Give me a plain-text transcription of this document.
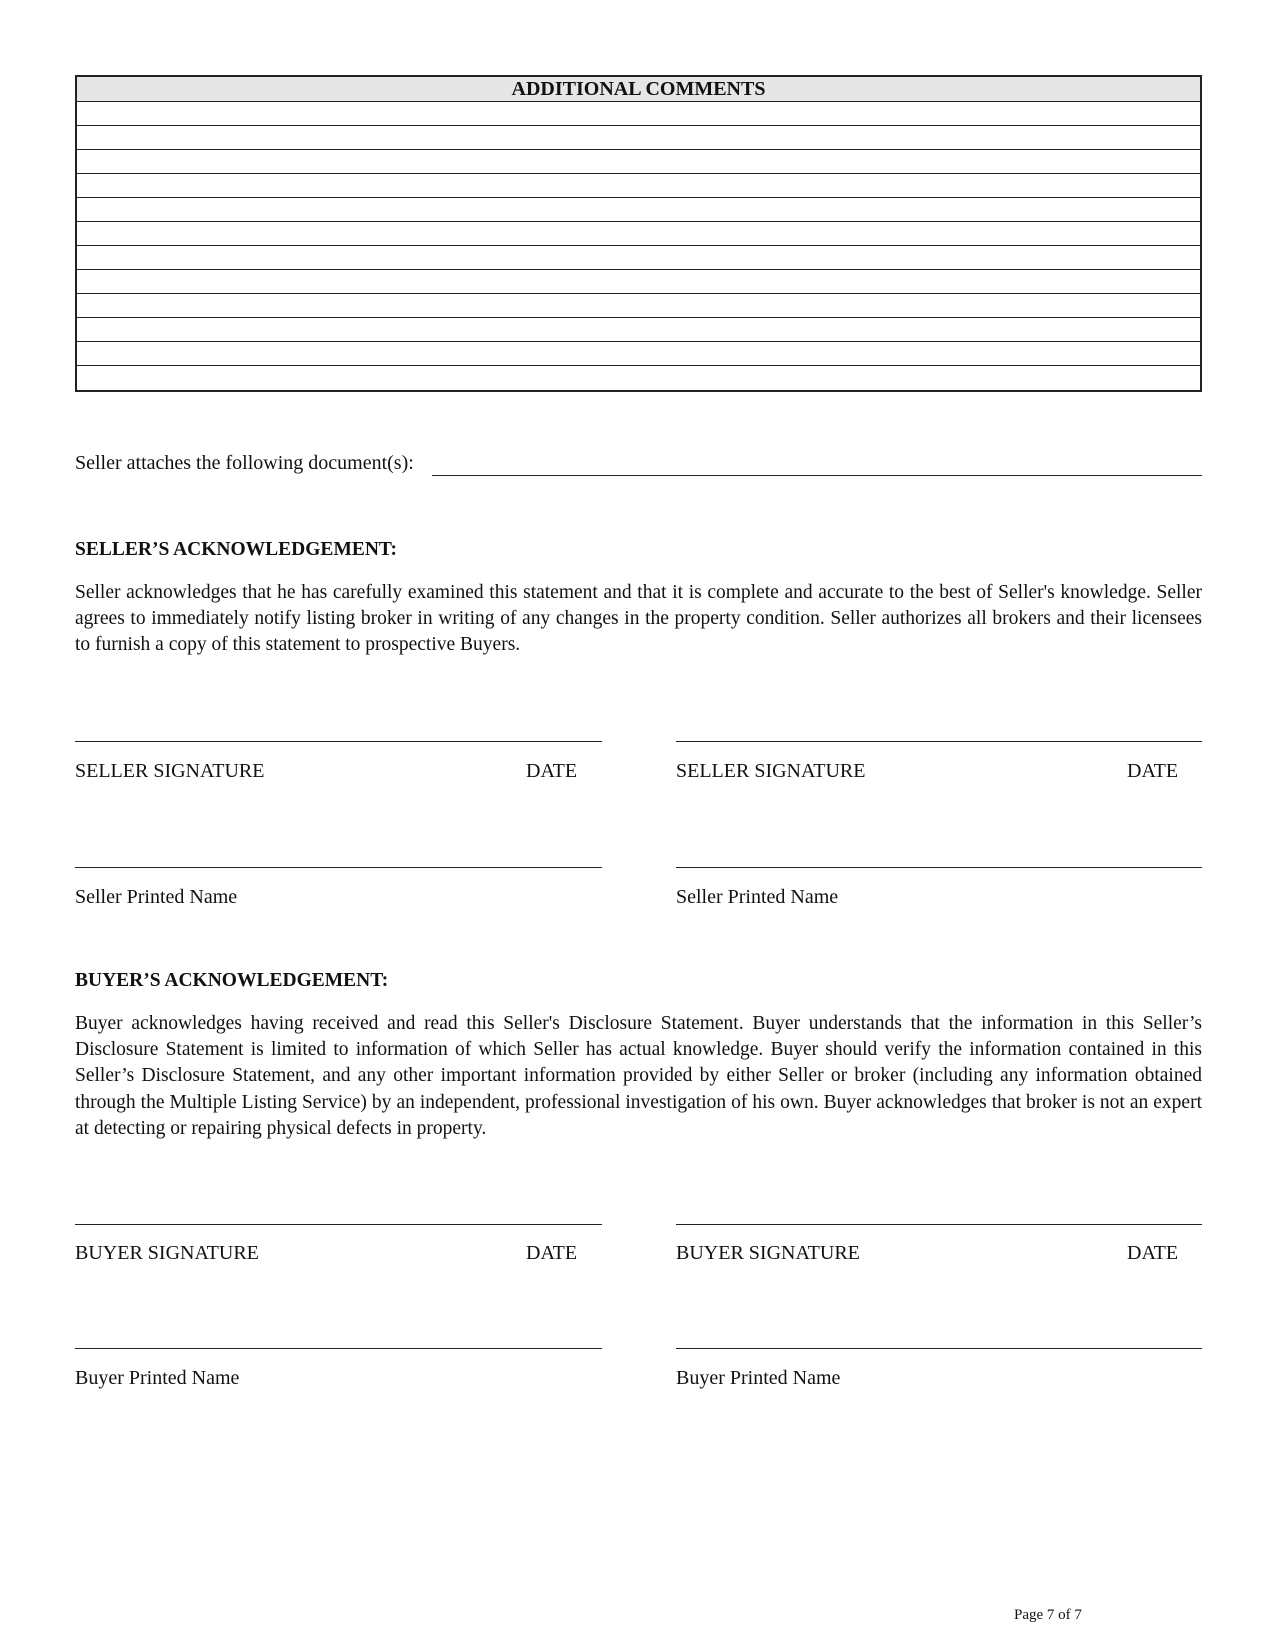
ADDITIONAL COMMENTS
Seller attaches the following document(s):
SELLER’S ACKNOWLEDGEMENT:
Seller acknowledges that he has carefully examined this statement and that it is complete and accurate to the best of Seller's knowledge. Seller agrees to immediately notify listing broker in writing of any changes in the property condition. Seller authorizes all brokers and their licensees to furnish a copy of this statement to prospective Buyers.
SELLER SIGNATURE	DATE
Seller Printed Name
SELLER SIGNATURE	DATE
Seller Printed Name
BUYER’S ACKNOWLEDGEMENT:
Buyer acknowledges having received and read this Seller's Disclosure Statement. Buyer understands that the information in this Seller’s Disclosure Statement is limited to information of which Seller has actual knowledge. Buyer should verify the information contained in this Seller’s Disclosure Statement, and any other important information provided by either Seller or broker (including any information obtained through the Multiple Listing Service) by an independent, professional investigation of his own. Buyer acknowledges that broker is not an expert at detecting or repairing physical defects in property.
BUYER SIGNATURE	DATE
Buyer Printed Name
BUYER SIGNATURE	DATE
Buyer Printed Name
Page 7 of 7
